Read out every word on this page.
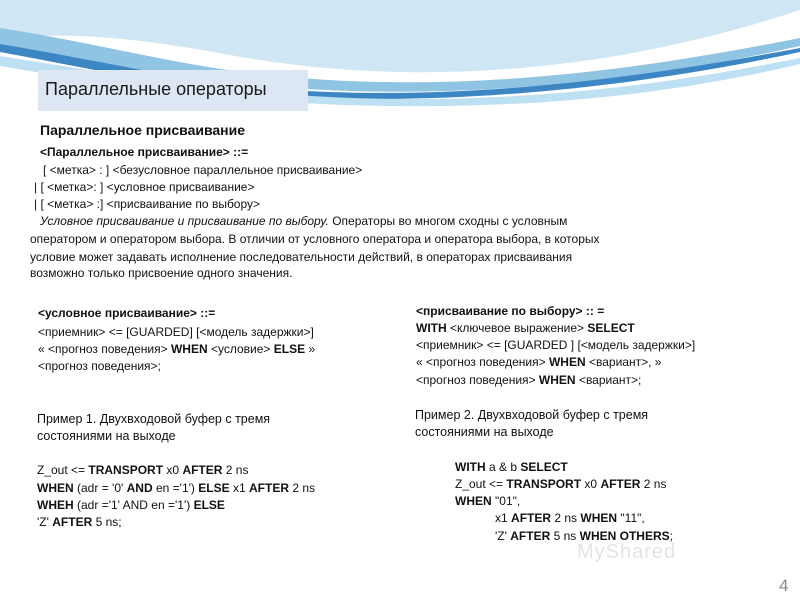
Параллельные операторы
Параллельное присваивание
<Параллельное присваивание> ::=
[ <метка> : ] <безусловное параллельное присваивание>
| [ <метка>: ] <условное присваивание>
| [ <метка> :] <присваивание по выбору>
Условное присваивание и присваивание по выбору. Операторы во многом сходны с условным
оператором и оператором выбора. В отличии от условного оператора и оператора выбора, в которых
условие может задавать исполнение последовательности действий, в операторах присваивания
возможно только присвоение одного значения.
<условное присваивание> ::=
<приемник> <= [GUARDED] [<модель задержки>]
« <прогноз поведения> WHEN <условие> ELSE »
<прогноз поведения>;
Пример 1. Двухвходовой буфер с тремя
состояниями на выходе
Z_out <= TRANSPORT x0 AFTER 2 ns
WHEN (adr = '0' AND en ='1') ELSE x1 AFTER 2 ns
WHEH (adr ='1' AND en ='1') ELSE
'Z' AFTER 5 ns;
<присваивание по выбору> :: =
WITH <ключевое выражение> SELECT
<приемник> <= [GUARDED ] [<модель задержки>]
« <прогноз поведения> WHEN <вариант>, »
<прогноз поведения> WHEN <вариант>;
Пример 2. Двухвходовой буфер с тремя
состояниями на выходе
WITH a & b SELECT
Z_out <= TRANSPORT x0 AFTER 2 ns
WHEN "01",
x1 AFTER 2 ns WHEN "11",
'Z' AFTER 5 ns WHEN OTHERS;
MyShared
4
